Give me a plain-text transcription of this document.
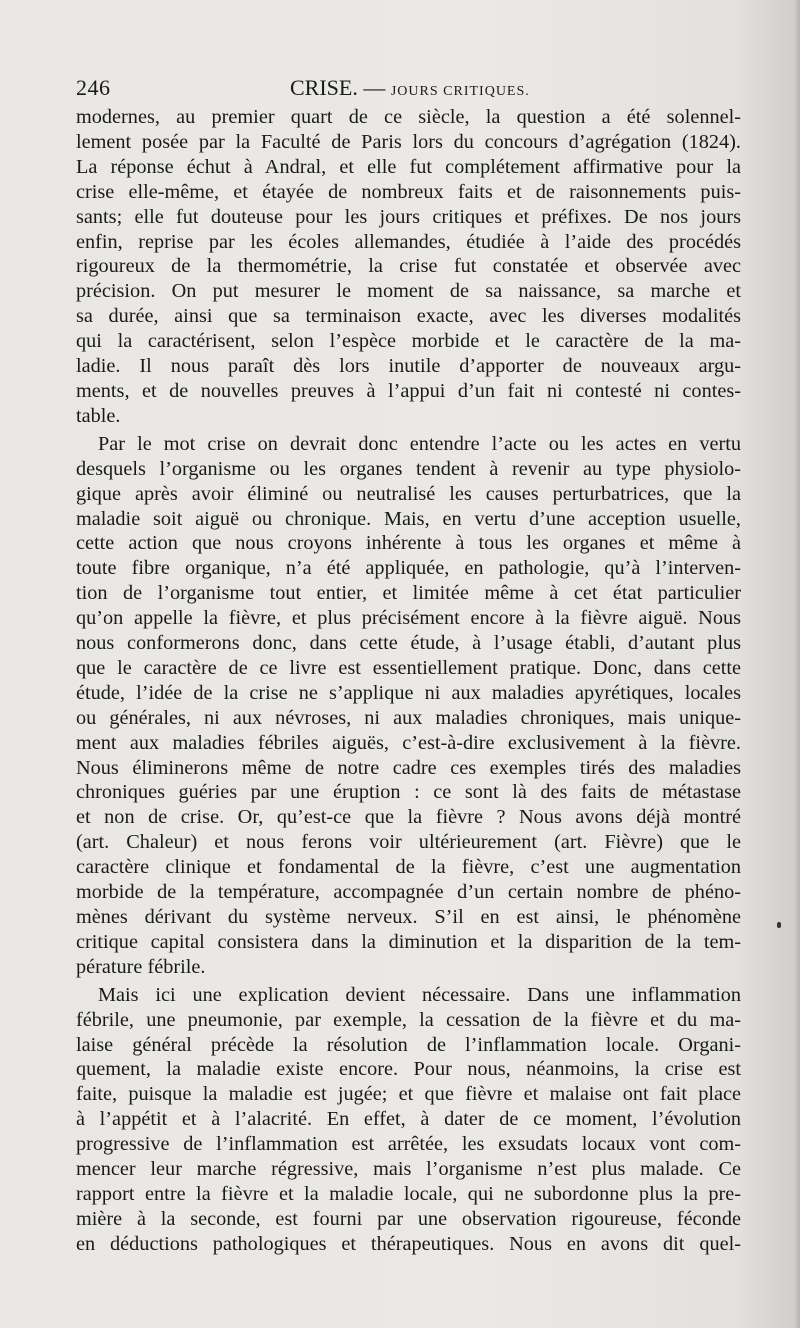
246	CRISE. — JOURS CRITIQUES.
modernes, au premier quart de ce siècle, la question a été solennel-
lement posée par la Faculté de Paris lors du concours d’agrégation (1824).
La réponse échut à Andral, et elle fut complétement affirmative pour la
crise elle-même, et étayée de nombreux faits et de raisonnements puis-
sants; elle fut douteuse pour les jours critiques et préfixes. De nos jours
enfin, reprise par les écoles allemandes, étudiée à l’aide des procédés
rigoureux de la thermométrie, la crise fut constatée et observée avec
précision. On put mesurer le moment de sa naissance, sa marche et
sa durée, ainsi que sa terminaison exacte, avec les diverses modalités
qui la caractérisent, selon l’espèce morbide et le caractère de la ma-
ladie. Il nous paraît dès lors inutile d’apporter de nouveaux argu-
ments, et de nouvelles preuves à l’appui d’un fait ni contesté ni contes-
table.
Par le mot crise on devrait donc entendre l’acte ou les actes en vertu
desquels l’organisme ou les organes tendent à revenir au type physiolo-
gique après avoir éliminé ou neutralisé les causes perturbatrices, que la
maladie soit aiguë ou chronique. Mais, en vertu d’une acception usuelle,
cette action que nous croyons inhérente à tous les organes et même à
toute fibre organique, n’a été appliquée, en pathologie, qu’à l’interven-
tion de l’organisme tout entier, et limitée même à cet état particulier
qu’on appelle la fièvre, et plus précisément encore à la fièvre aiguë. Nous
nous conformerons donc, dans cette étude, à l’usage établi, d’autant plus
que le caractère de ce livre est essentiellement pratique. Donc, dans cette
étude, l’idée de la crise ne s’applique ni aux maladies apyrétiques, locales
ou générales, ni aux névroses, ni aux maladies chroniques, mais unique-
ment aux maladies fébriles aiguës, c’est-à-dire exclusivement à la fièvre.
Nous éliminerons même de notre cadre ces exemples tirés des maladies
chroniques guéries par une éruption : ce sont là des faits de métastase
et non de crise. Or, qu’est-ce que la fièvre ? Nous avons déjà montré
(art. Chaleur) et nous ferons voir ultérieurement (art. Fièvre) que le
caractère clinique et fondamental de la fièvre, c’est une augmentation
morbide de la température, accompagnée d’un certain nombre de phéno-
mènes dérivant du système nerveux. S’il en est ainsi, le phénomène
critique capital consistera dans la diminution et la disparition de la tem-
pérature fébrile.
Mais ici une explication devient nécessaire. Dans une inflammation
fébrile, une pneumonie, par exemple, la cessation de la fièvre et du ma-
laise général précède la résolution de l’inflammation locale. Organi-
quement, la maladie existe encore. Pour nous, néanmoins, la crise est
faite, puisque la maladie est jugée; et que fièvre et malaise ont fait place
à l’appétit et à l’alacrité. En effet, à dater de ce moment, l’évolution
progressive de l’inflammation est arrêtée, les exsudats locaux vont com-
mencer leur marche régressive, mais l’organisme n’est plus malade. Ce
rapport entre la fièvre et la maladie locale, qui ne subordonne plus la pre-
mière à la seconde, est fourni par une observation rigoureuse, féconde
en déductions pathologiques et thérapeutiques. Nous en avons dit quel-
